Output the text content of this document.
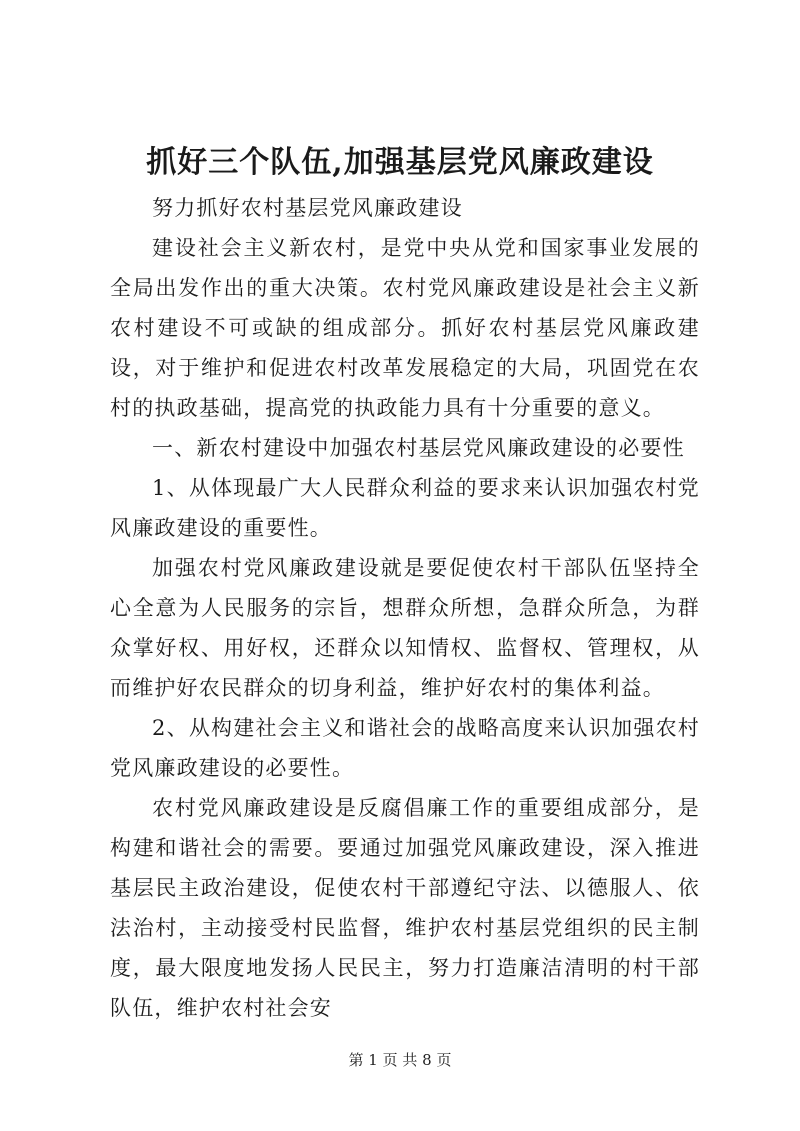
抓好三个队伍,加强基层党风廉政建设

努力抓好农村基层党风廉政建设

建设社会主义新农村，是党中央从党和国家事业发展的全局出发作出的重大决策。农村党风廉政建设是社会主义新农村建设不可或缺的组成部分。抓好农村基层党风廉政建设，对于维护和促进农村改革发展稳定的大局，巩固党在农村的执政基础，提高党的执政能力具有十分重要的意义。

一、新农村建设中加强农村基层党风廉政建设的必要性

1、从体现最广大人民群众利益的要求来认识加强农村党风廉政建设的重要性。

加强农村党风廉政建设就是要促使农村干部队伍坚持全心全意为人民服务的宗旨，想群众所想，急群众所急，为群众掌好权、用好权，还群众以知情权、监督权、管理权，从而维护好农民群众的切身利益，维护好农村的集体利益。

2、从构建社会主义和谐社会的战略高度来认识加强农村党风廉政建设的必要性。

农村党风廉政建设是反腐倡廉工作的重要组成部分，是构建和谐社会的需要。要通过加强党风廉政建设，深入推进基层民主政治建设，促使农村干部遵纪守法、以德服人、依法治村，主动接受村民监督，维护农村基层党组织的民主制度，最大限度地发扬人民民主，努力打造廉洁清明的村干部队伍，维护农村社会安

第 1 页 共 8 页
